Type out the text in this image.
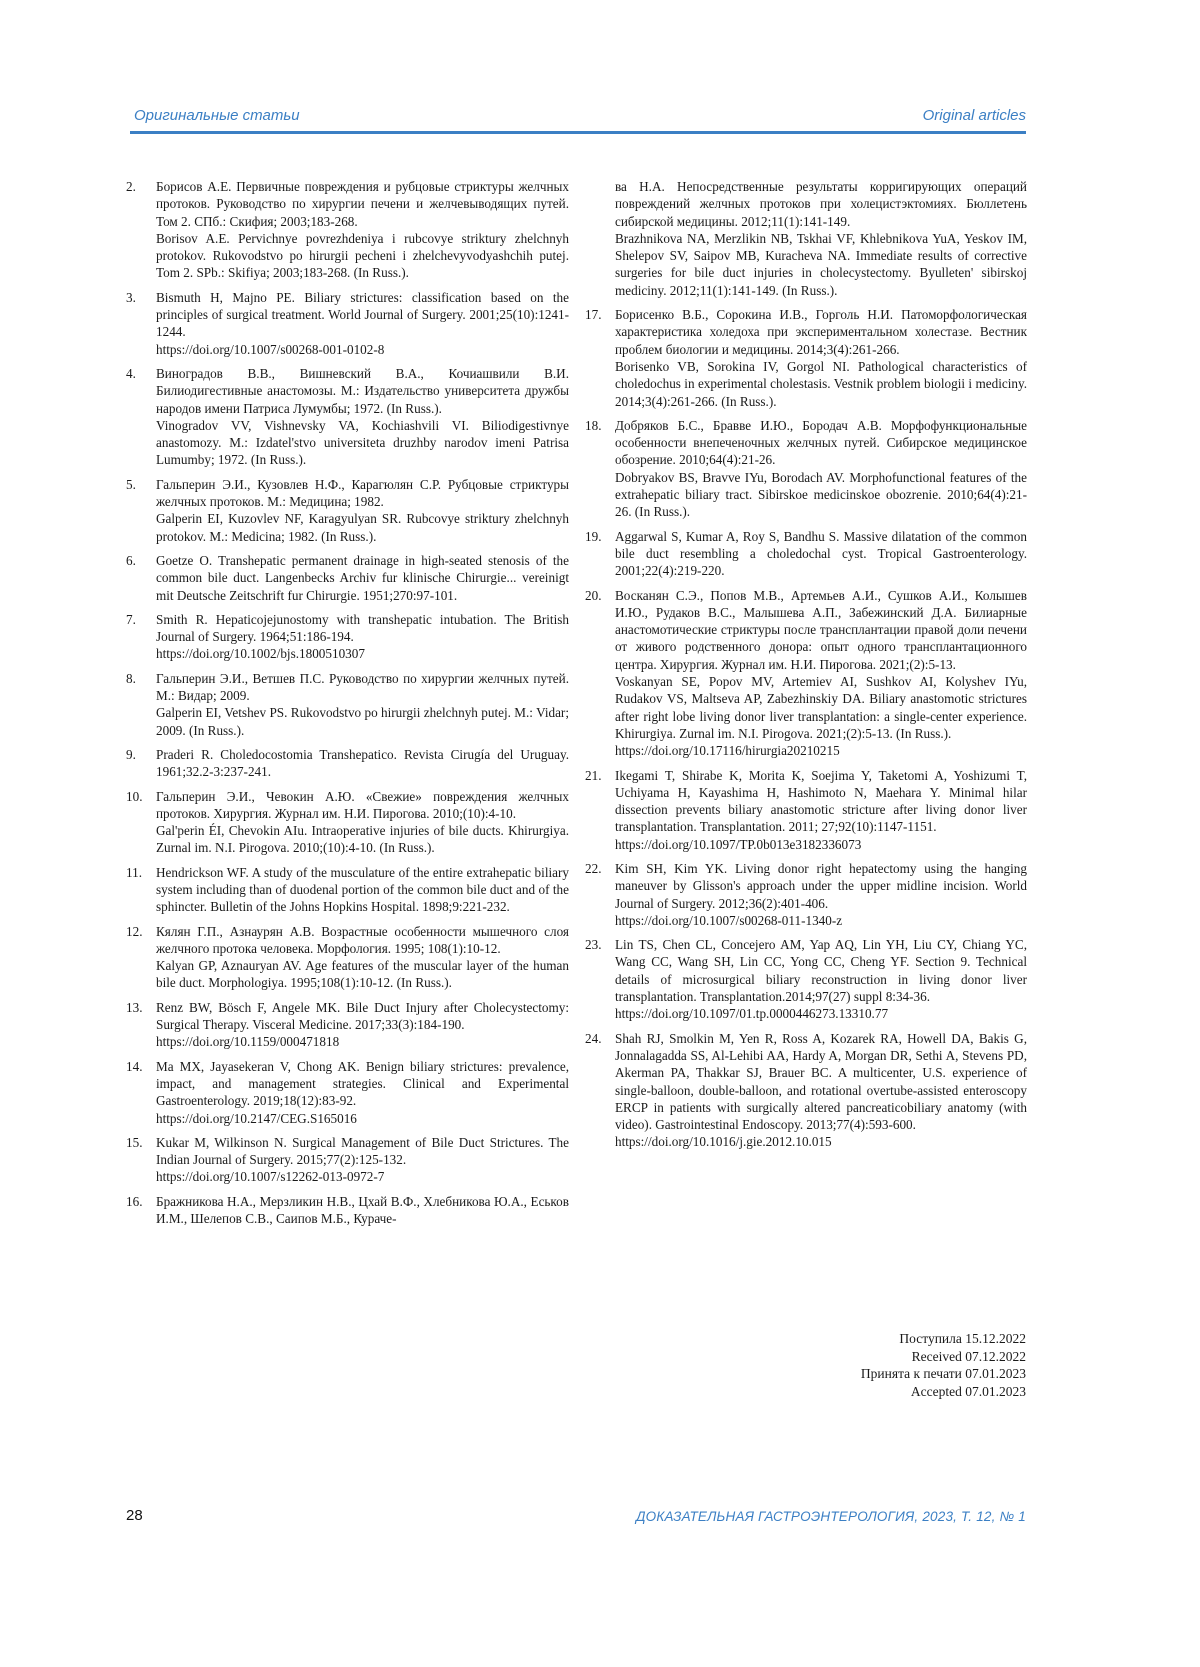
Оригинальные статьи	Original articles
2. Борисов А.Е. Первичные повреждения и рубцовые стриктуры желчных протоков. Руководство по хирургии печени и желчевыводящих путей. Том 2. СПб.: Скифия; 2003;183-268.
Borisov A.E. Pervichnye povrezhdeniya i rubcovye striktury zhelchnyh protokov. Rukovodstvo po hirurgii pecheni i zhelchevyvodyashchih putej. Tom 2. SPb.: Skifiya; 2003;183-268. (In Russ.).
3. Bismuth H, Majno PE. Biliary strictures: classification based on the principles of surgical treatment. World Journal of Surgery. 2001;25(10):1241-1244.
https://doi.org/10.1007/s00268-001-0102-8
4. Виноградов В.В., Вишневский В.А., Кочиашвили В.И. Билиодигестивные анастомозы. М.: Издательство университета дружбы народов имени Патриса Лумумбы; 1972. (In Russ.).
Vinogradov VV, Vishnevsky VA, Kochiashvili VI. Biliodigestivnye anastomozy. M.: Izdatel'stvo universiteta druzhby narodov imeni Patrisa Lumumby; 1972. (In Russ.).
5. Гальперин Э.И., Кузовлев Н.Ф., Карагюлян С.Р. Рубцовые стриктуры желчных протоков. М.: Медицина; 1982.
Galperin EI, Kuzovlev NF, Karagyulyan SR. Rubcovye striktury zhelchnyh protokov. M.: Medicina; 1982. (In Russ.).
6. Goetze O. Transhepatic permanent drainage in high-seated stenosis of the common bile duct. Langenbecks Archiv fur klinische Chirurgie... vereinigt mit Deutsche Zeitschrift fur Chirurgie. 1951;270:97-101.
7. Smith R. Hepaticojejunostomy with transhepatic intubation. The British Journal of Surgery. 1964;51:186-194.
https://doi.org/10.1002/bjs.1800510307
8. Гальперин Э.И., Ветшев П.С. Руководство по хирургии желчных путей. М.: Видар; 2009.
Galperin EI, Vetshev PS. Rukovodstvo po hirurgii zhelchnyh putej. M.: Vidar; 2009. (In Russ.).
9. Praderi R. Choledocostomia Transhepatico. Revista Cirugía del Uruguay. 1961;32.2-3:237-241.
10. Гальперин Э.И., Чевокин А.Ю. «Свежие» повреждения желчных протоков. Хирургия. Журнал им. Н.И. Пирогова. 2010;(10):4-10.
Gal'perin ÉI, Chevokin AIu. Intraoperative injuries of bile ducts. Khirurgiya. Zurnal im. N.I. Pirogova. 2010;(10):4-10. (In Russ.).
11. Hendrickson WF. A study of the musculature of the entire extrahepatic biliary system including than of duodenal portion of the common bile duct and of the sphincter. Bulletin of the Johns Hopkins Hospital. 1898;9:221-232.
12. Кялян Г.П., Азнаурян А.В. Возрастные особенности мышечного слоя желчного протока человека. Морфология. 1995; 108(1):10-12.
Kalyan GP, Aznauryan AV. Age features of the muscular layer of the human bile duct. Morphologiya. 1995;108(1):10-12. (In Russ.).
13. Renz BW, Bösch F, Angele MK. Bile Duct Injury after Cholecystectomy: Surgical Therapy. Visceral Medicine. 2017;33(3):184-190.
https://doi.org/10.1159/000471818
14. Ma MX, Jayasekeran V, Chong AK. Benign biliary strictures: prevalence, impact, and management strategies. Clinical and Experimental Gastroenterology. 2019;18(12):83-92.
https://doi.org/10.2147/CEG.S165016
15. Kukar M, Wilkinson N. Surgical Management of Bile Duct Strictures. The Indian Journal of Surgery. 2015;77(2):125-132.
https://doi.org/10.1007/s12262-013-0972-7
16. Бражникова Н.А., Мерзликин Н.В., Цхай В.Ф., Хлебникова Ю.А., Еськов И.М., Шелепов С.В., Саипов М.Б., Кураче-
ва Н.А. Непосредственные результаты корригирующих операций повреждений желчных протоков при холецистэктомиях. Бюллетень сибирской медицины. 2012;11(1):141-149.
Brazhnikova NA, Merzlikin NB, Tskhai VF, Khlebnikova YuA, Yeskov IM, Shelepov SV, Saipov MB, Kuracheva NA. Immediate results of corrective surgeries for bile duct injuries in cholecystectomy. Byulleten' sibirskoj mediciny. 2012;11(1):141-149. (In Russ.).
17. Борисенко В.Б., Сорокина И.В., Горголь Н.И. Патоморфологическая характеристика холедоха при экспериментальном холестазе. Вестник проблем биологии и медицины. 2014;3(4):261-266.
Borisenko VB, Sorokina IV, Gorgol NI. Pathological characteristics of choledochus in experimental cholestasis. Vestnik problem biologii i mediciny. 2014;3(4):261-266. (In Russ.).
18. Добряков Б.С., Бравве И.Ю., Бородач А.В. Морфофункциональные особенности внепеченочных желчных путей. Сибирское медицинское обозрение. 2010;64(4):21-26.
Dobryakov BS, Bravve IYu, Borodach AV. Morphofunctional features of the extrahepatic biliary tract. Sibirskoe medicinskoe obozrenie. 2010;64(4):21-26. (In Russ.).
19. Aggarwal S, Kumar A, Roy S, Bandhu S. Massive dilatation of the common bile duct resembling a choledochal cyst. Tropical Gastroenterology. 2001;22(4):219-220.
20. Восканян С.Э., Попов М.В., Артемьев А.И., Сушков А.И., Колышев И.Ю., Рудаков В.С., Малышева А.П., Забежинский Д.А. Билиарные анастомотические стриктуры после трансплантации правой доли печени от живого родственного донора: опыт одного трансплантационного центра. Хирургия. Журнал им. Н.И. Пирогова. 2021;(2):5-13.
Voskanyan SE, Popov MV, Artemiev AI, Sushkov AI, Kolyshev IYu, Rudakov VS, Maltseva AP, Zabezhinskiy DA. Biliary anastomotic strictures after right lobe living donor liver transplantation: a single-center experience. Khirurgiya. Zurnal im. N.I. Pirogova. 2021;(2):5-13. (In Russ.).
https://doi.org/10.17116/hirurgia20210215
21. Ikegami T, Shirabe K, Morita K, Soejima Y, Taketomi A, Yoshizumi T, Uchiyama H, Kayashima H, Hashimoto N, Maehara Y. Minimal hilar dissection prevents biliary anastomotic stricture after living donor liver transplantation. Transplantation. 2011; 27;92(10):1147-1151.
https://doi.org/10.1097/TP.0b013e3182336073
22. Kim SH, Kim YK. Living donor right hepatectomy using the hanging maneuver by Glisson's approach under the upper midline incision. World Journal of Surgery. 2012;36(2):401-406.
https://doi.org/10.1007/s00268-011-1340-z
23. Lin TS, Chen CL, Concejero AM, Yap AQ, Lin YH, Liu CY, Chiang YC, Wang CC, Wang SH, Lin CC, Yong CC, Cheng YF. Section 9. Technical details of microsurgical biliary reconstruction in living donor liver transplantation. Transplantation.2014;97(27) suppl 8:34-36.
https://doi.org/10.1097/01.tp.0000446273.13310.77
24. Shah RJ, Smolkin M, Yen R, Ross A, Kozarek RA, Howell DA, Bakis G, Jonnalagadda SS, Al-Lehibi AA, Hardy A, Morgan DR, Sethi A, Stevens PD, Akerman PA, Thakkar SJ, Brauer BC. A multicenter, U.S. experience of single-balloon, double-balloon, and rotational overtube-assisted enteroscopy ERCP in patients with surgically altered pancreaticobiliary anatomy (with video). Gastrointestinal Endoscopy. 2013;77(4):593-600.
https://doi.org/10.1016/j.gie.2012.10.015
Поступила 15.12.2022
Received 07.12.2022
Принята к печати 07.01.2023
Accepted 07.01.2023
28	ДОКАЗАТЕЛЬНАЯ ГАСТРОЭНТЕРОЛОГИЯ, 2023, Т. 12, № 1
